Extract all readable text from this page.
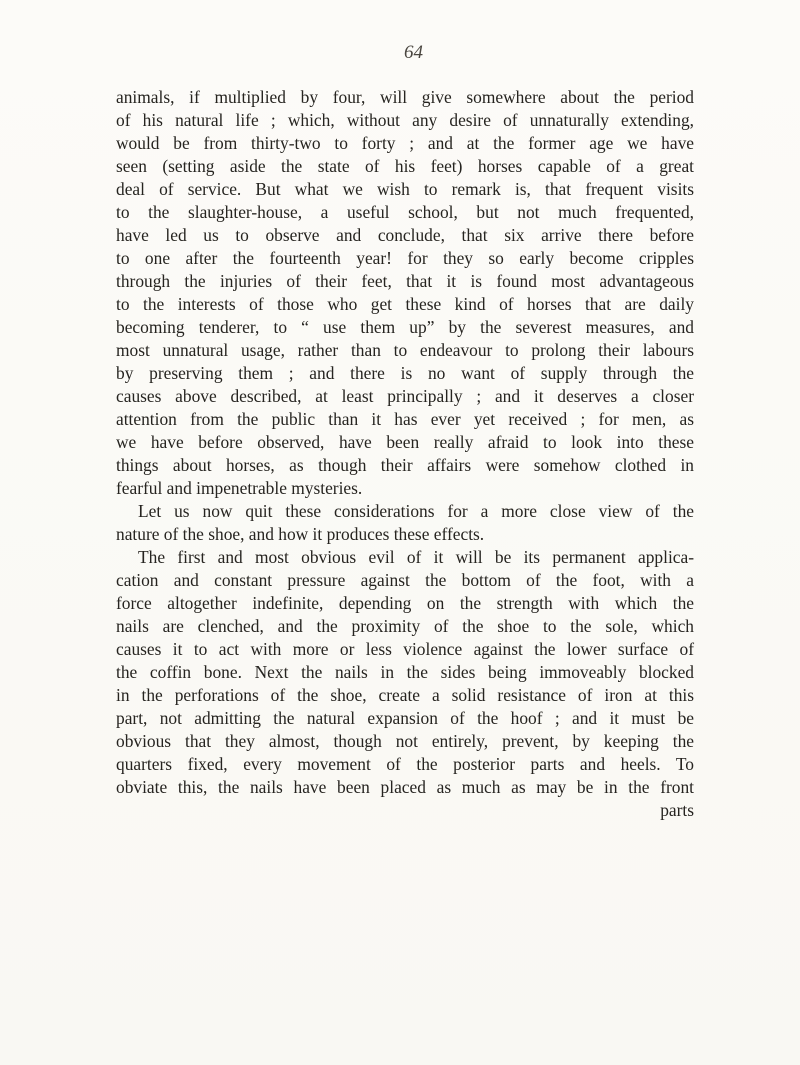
64
animals, if multiplied by four, will give somewhere about the period
of his natural life ; which, without any desire of unnaturally extending,
would be from thirty-two to forty ; and at the former age we have
seen (setting aside the state of his feet) horses capable of a great
deal of service. But what we wish to remark is, that frequent visits
to the slaughter-house, a useful school, but not much frequented,
have led us to observe and conclude, that six arrive there before
to one after the fourteenth year! for they so early become cripples
through the injuries of their feet, that it is found most advantageous
to the interests of those who get these kind of horses that are daily
becoming tenderer, to “ use them up” by the severest measures, and
most unnatural usage, rather than to endeavour to prolong their labours
by preserving them ; and there is no want of supply through the
causes above described, at least principally ; and it deserves a closer
attention from the public than it has ever yet received ; for men, as
we have before observed, have been really afraid to look into these
things about horses, as though their affairs were somehow clothed in
fearful and impenetrable mysteries.
Let us now quit these considerations for a more close view of the
nature of the shoe, and how it produces these effects.
The first and most obvious evil of it will be its permanent applica-
cation and constant pressure against the bottom of the foot, with a
force altogether indefinite, depending on the strength with which the
nails are clenched, and the proximity of the shoe to the sole, which
causes it to act with more or less violence against the lower surface of
the coffin bone. Next the nails in the sides being immoveably blocked
in the perforations of the shoe, create a solid resistance of iron at this
part, not admitting the natural expansion of the hoof ; and it must be
obvious that they almost, though not entirely, prevent, by keeping the
quarters fixed, every movement of the posterior parts and heels. To
obviate this, the nails have been placed as much as may be in the front
parts
